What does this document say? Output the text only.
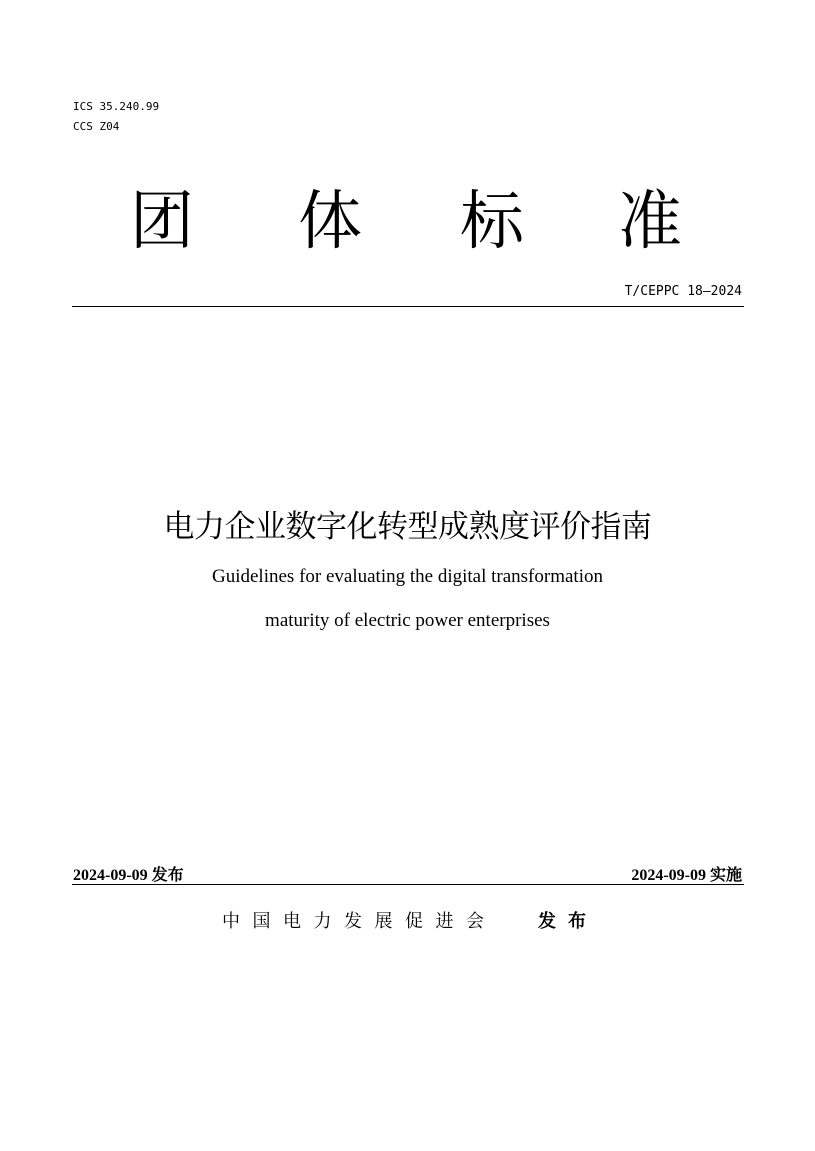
ICS 35.240.99
CCS Z04
团 体 标 准
T/CEPPC 18—2024
电力企业数字化转型成熟度评价指南
Guidelines for evaluating the digital transformation
maturity of electric power enterprises
2024-09-09 发布	2024-09-09 实施
中国电力发展促进会 发布
